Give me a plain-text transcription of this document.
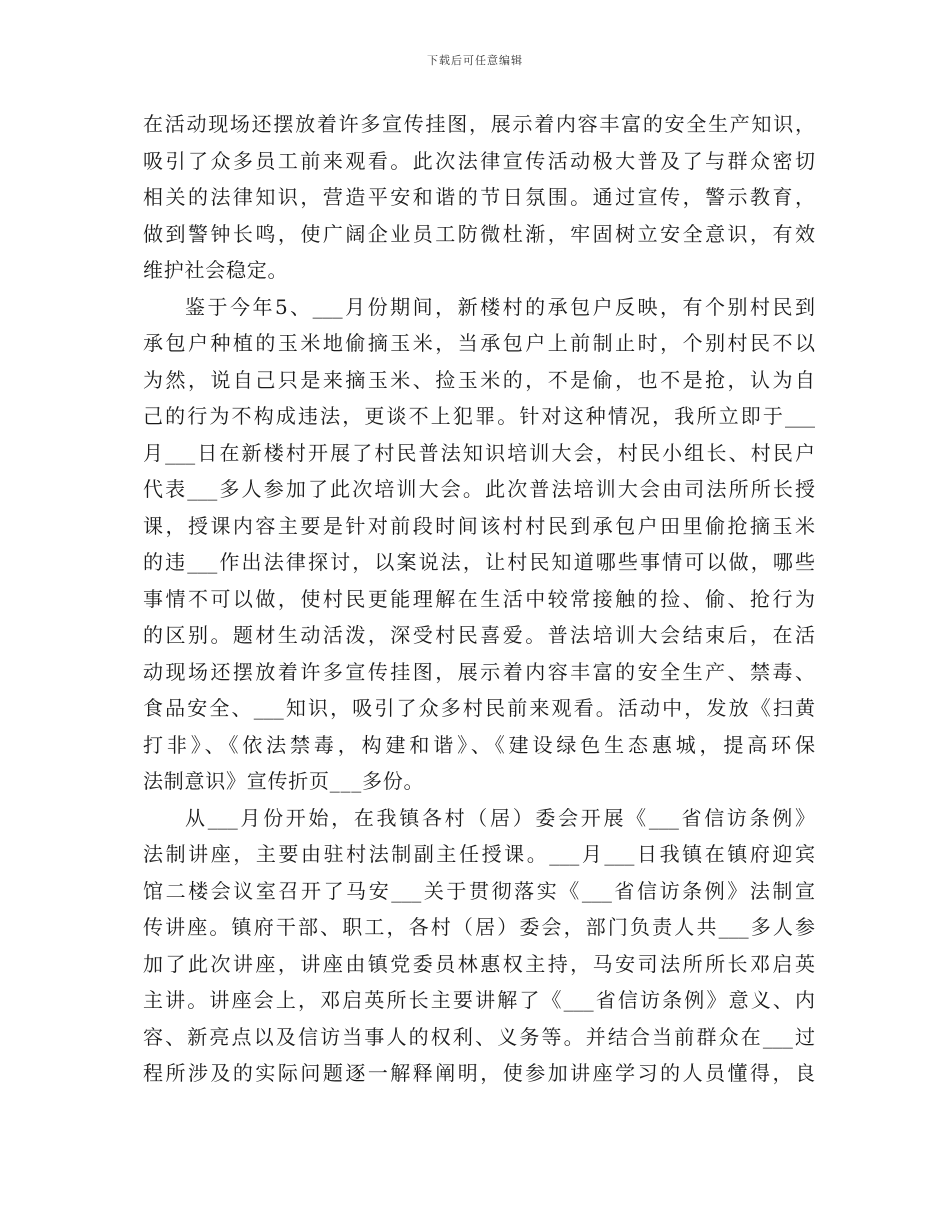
下载后可任意编辑
在活动现场还摆放着许多宣传挂图，展示着内容丰富的安全生产知识，
吸引了众多员工前来观看。此次法律宣传活动极大普及了与群众密切
相关的法律知识，营造平安和谐的节日氛围。通过宣传，警示教育，
做到警钟长鸣，使广阔企业员工防微杜渐，牢固树立安全意识，有效
维护社会稳定。
鉴于今年5、___月份期间，新楼村的承包户反映，有个别村民到
承包户种植的玉米地偷摘玉米，当承包户上前制止时，个别村民不以
为然，说自己只是来摘玉米、捡玉米的，不是偷，也不是抢，认为自
己的行为不构成违法，更谈不上犯罪。针对这种情况，我所立即于___
月___日在新楼村开展了村民普法知识培训大会，村民小组长、村民户
代表___多人参加了此次培训大会。此次普法培训大会由司法所所长授
课，授课内容主要是针对前段时间该村村民到承包户田里偷抢摘玉米
的违___作出法律探讨，以案说法，让村民知道哪些事情可以做，哪些
事情不可以做，使村民更能理解在生活中较常接触的捡、偷、抢行为
的区别。题材生动活泼，深受村民喜爱。普法培训大会结束后，在活
动现场还摆放着许多宣传挂图，展示着内容丰富的安全生产、禁毒、
食品安全、___知识，吸引了众多村民前来观看。活动中，发放《扫黄
打非》、《依法禁毒，构建和谐》、《建设绿色生态惠城，提高环保
法制意识》宣传折页___多份。
从___月份开始，在我镇各村（居）委会开展《___省信访条例》
法制讲座，主要由驻村法制副主任授课。___月___日我镇在镇府迎宾
馆二楼会议室召开了马安___关于贯彻落实《___省信访条例》法制宣
传讲座。镇府干部、职工，各村（居）委会，部门负责人共___多人参
加了此次讲座，讲座由镇党委员林惠权主持，马安司法所所长邓启英
主讲。讲座会上，邓启英所长主要讲解了《___省信访条例》意义、内
容、新亮点以及信访当事人的权利、义务等。并结合当前群众在___过
程所涉及的实际问题逐一解释阐明，使参加讲座学习的人员懂得，良
